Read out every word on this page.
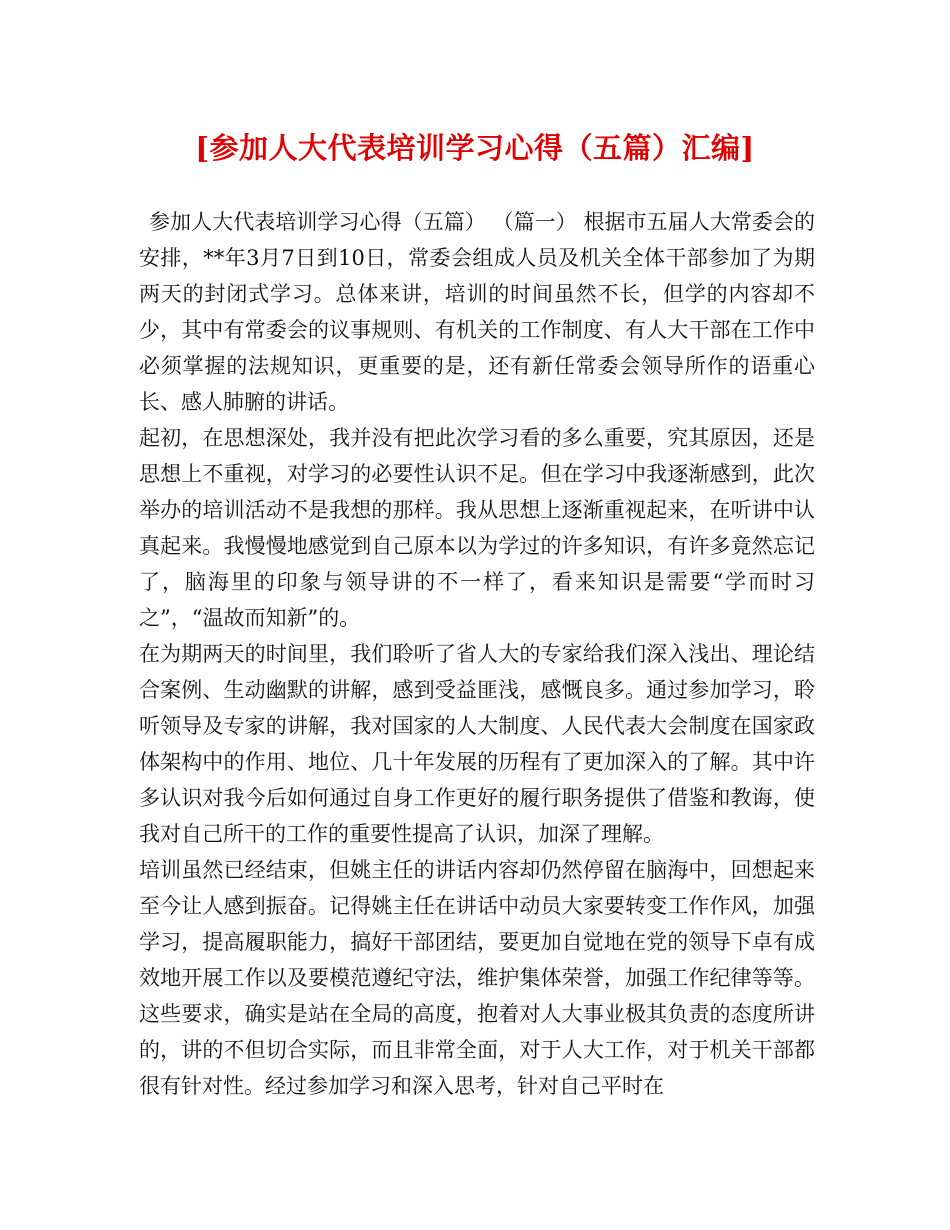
[参加人大代表培训学习心得（五篇）汇编]

参加人大代表培训学习心得（五篇） （篇一） 根据市五届人大常委会的安排，**年3月7日到10日，常委会组成人员及机关全体干部参加了为期两天的封闭式学习。总体来讲，培训的时间虽然不长，但学的内容却不少，其中有常委会的议事规则、有机关的工作制度、有人大干部在工作中必须掌握的法规知识，更重要的是，还有新任常委会领导所作的语重心长、感人肺腑的讲话。

起初，在思想深处，我并没有把此次学习看的多么重要，究其原因，还是思想上不重视，对学习的必要性认识不足。但在学习中我逐渐感到，此次举办的培训活动不是我想的那样。我从思想上逐渐重视起来，在听讲中认真起来。我慢慢地感觉到自己原本以为学过的许多知识，有许多竟然忘记了，脑海里的印象与领导讲的不一样了，看来知识是需要“学而时习之”，“温故而知新”的。

在为期两天的时间里，我们聆听了省人大的专家给我们深入浅出、理论结合案例、生动幽默的讲解，感到受益匪浅，感慨良多。通过参加学习，聆听领导及专家的讲解，我对国家的人大制度、人民代表大会制度在国家政体架构中的作用、地位、几十年发展的历程有了更加深入的了解。其中许多认识对我今后如何通过自身工作更好的履行职务提供了借鉴和教诲，使我对自己所干的工作的重要性提高了认识，加深了理解。

培训虽然已经结束，但姚主任的讲话内容却仍然停留在脑海中，回想起来至今让人感到振奋。记得姚主任在讲话中动员大家要转变工作作风，加强学习，提高履职能力，搞好干部团结，要更加自觉地在党的领导下卓有成效地开展工作以及要模范遵纪守法，维护集体荣誉，加强工作纪律等等。这些要求，确实是站在全局的高度，抱着对人大事业极其负责的态度所讲的，讲的不但切合实际，而且非常全面，对于人大工作，对于机关干部都很有针对性。经过参加学习和深入思考，针对自己平时在
